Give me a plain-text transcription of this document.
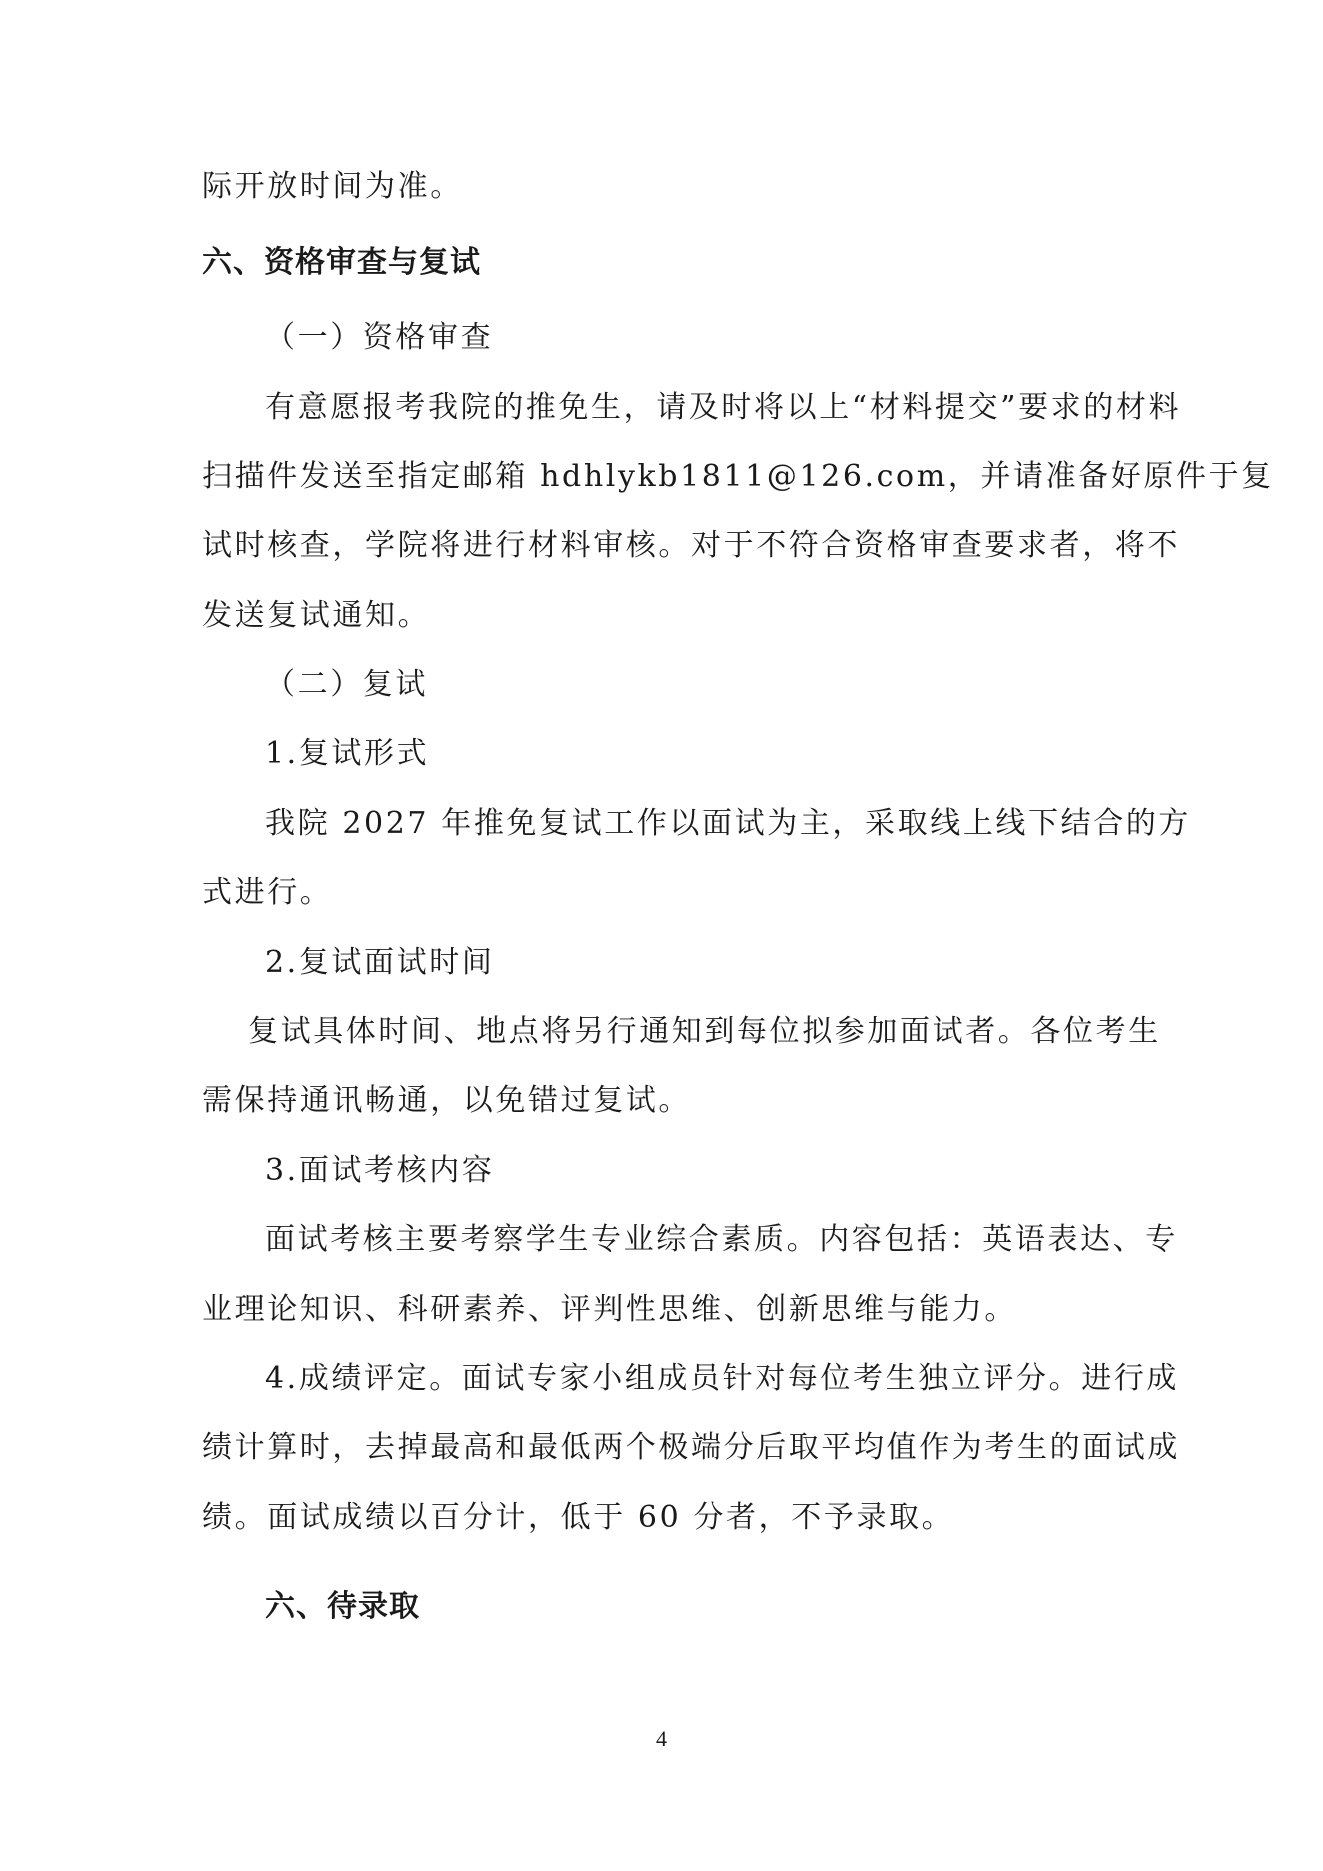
际开放时间为准。
六、资格审查与复试
（一）资格审查
有意愿报考我院的推免生，请及时将以上“材料提交”要求的材料
扫描件发送至指定邮箱 hdhlykb1811@126.com，并请准备好原件于复
试时核查，学院将进行材料审核。对于不符合资格审查要求者，将不
发送复试通知。
（二）复试
1.复试形式
我院 2027 年推免复试工作以面试为主，采取线上线下结合的方
式进行。
2.复试面试时间
复试具体时间、地点将另行通知到每位拟参加面试者。各位考生
需保持通讯畅通，以免错过复试。
3.面试考核内容
面试考核主要考察学生专业综合素质。内容包括：英语表达、专
业理论知识、科研素养、评判性思维、创新思维与能力。
4.成绩评定。面试专家小组成员针对每位考生独立评分。进行成
绩计算时，去掉最高和最低两个极端分后取平均值作为考生的面试成
绩。面试成绩以百分计，低于 60 分者，不予录取。
六、待录取
4
